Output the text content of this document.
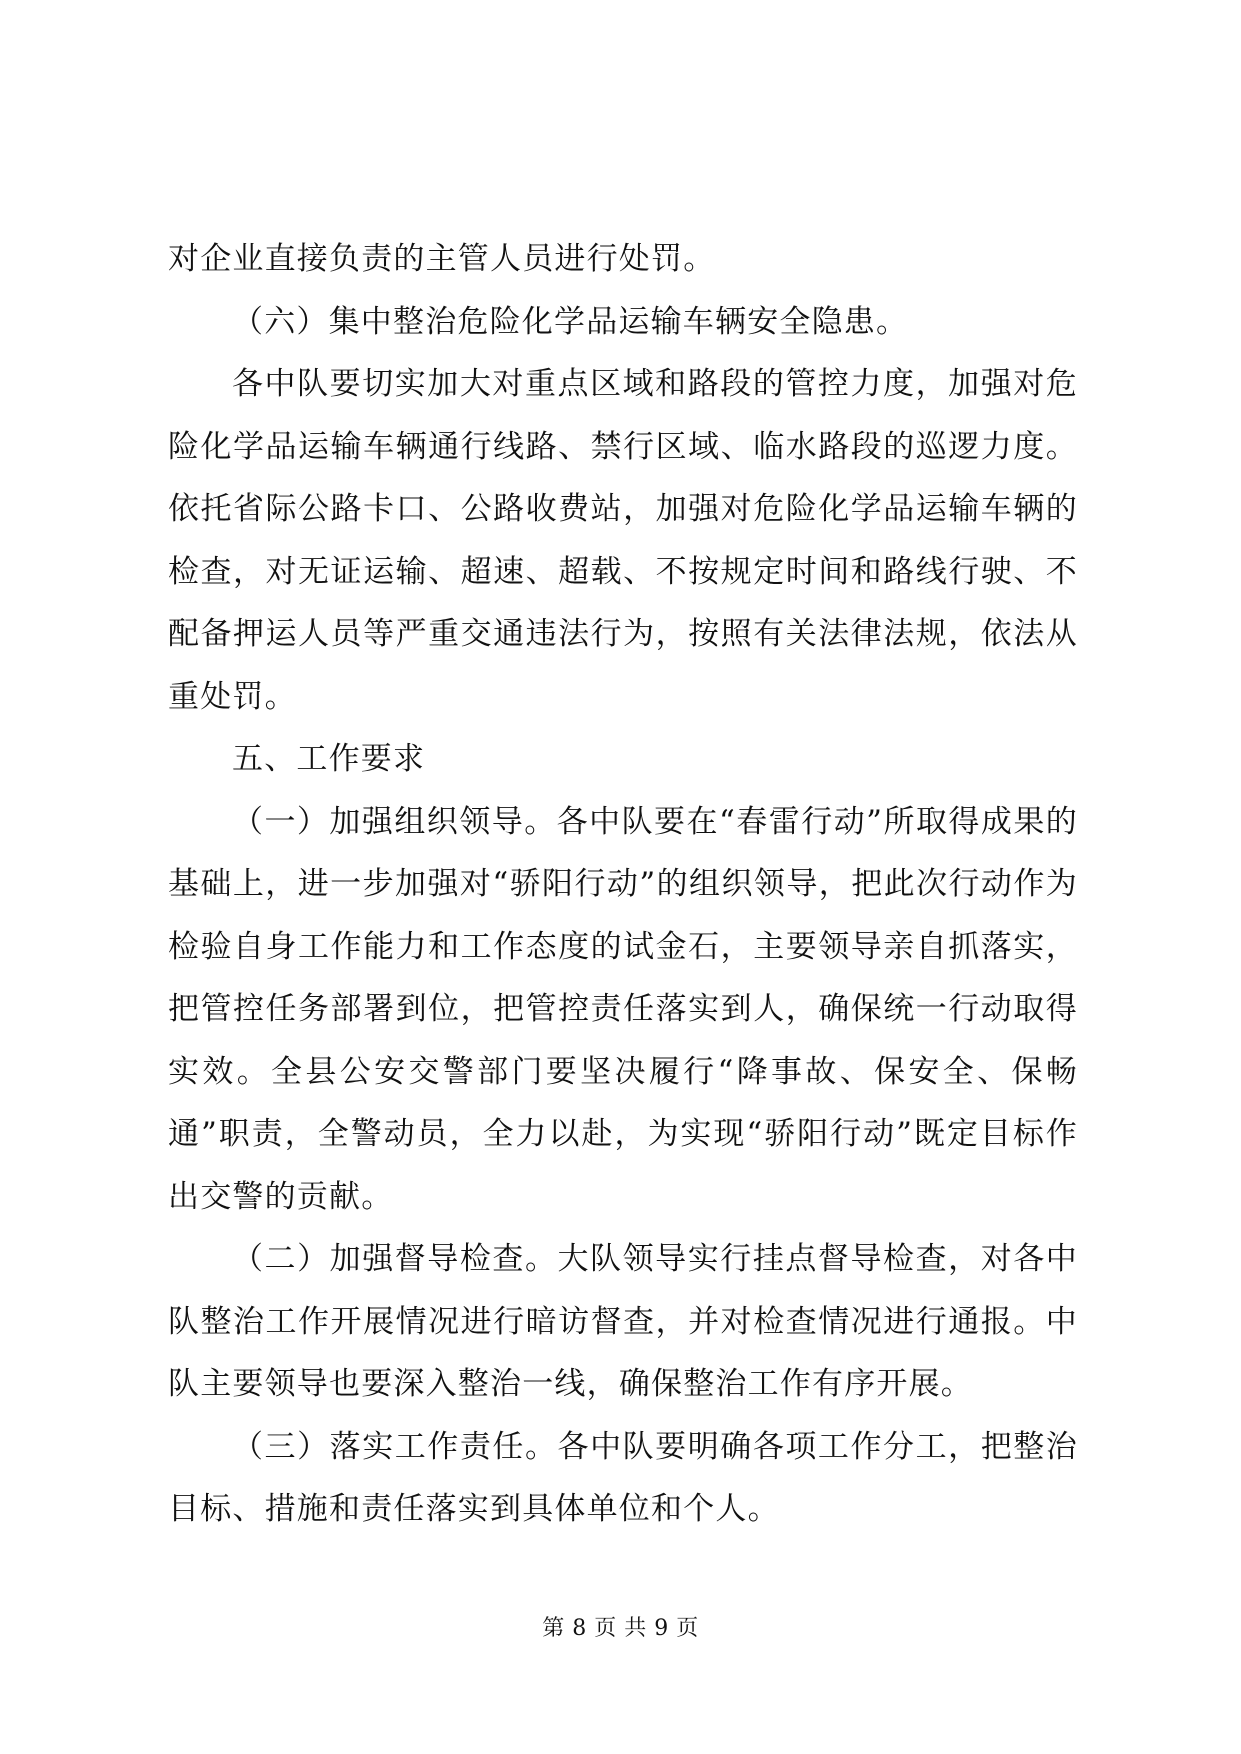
对企业直接负责的主管人员进行处罚。

（六）集中整治危险化学品运输车辆安全隐患。

各中队要切实加大对重点区域和路段的管控力度，加强对危险化学品运输车辆通行线路、禁行区域、临水路段的巡逻力度。依托省际公路卡口、公路收费站，加强对危险化学品运输车辆的检查，对无证运输、超速、超载、不按规定时间和路线行驶、不配备押运人员等严重交通违法行为，按照有关法律法规，依法从重处罚。

五、工作要求

（一）加强组织领导。各中队要在“春雷行动”所取得成果的基础上，进一步加强对“骄阳行动”的组织领导，把此次行动作为检验自身工作能力和工作态度的试金石，主要领导亲自抓落实，把管控任务部署到位，把管控责任落实到人，确保统一行动取得实效。全县公安交警部门要坚决履行“降事故、保安全、保畅通”职责，全警动员，全力以赴，为实现“骄阳行动”既定目标作出交警的贡献。

（二）加强督导检查。大队领导实行挂点督导检查，对各中队整治工作开展情况进行暗访督查，并对检查情况进行通报。中队主要领导也要深入整治一线，确保整治工作有序开展。

（三）落实工作责任。各中队要明确各项工作分工，把整治目标、措施和责任落实到具体单位和个人。

第 8 页 共 9 页
